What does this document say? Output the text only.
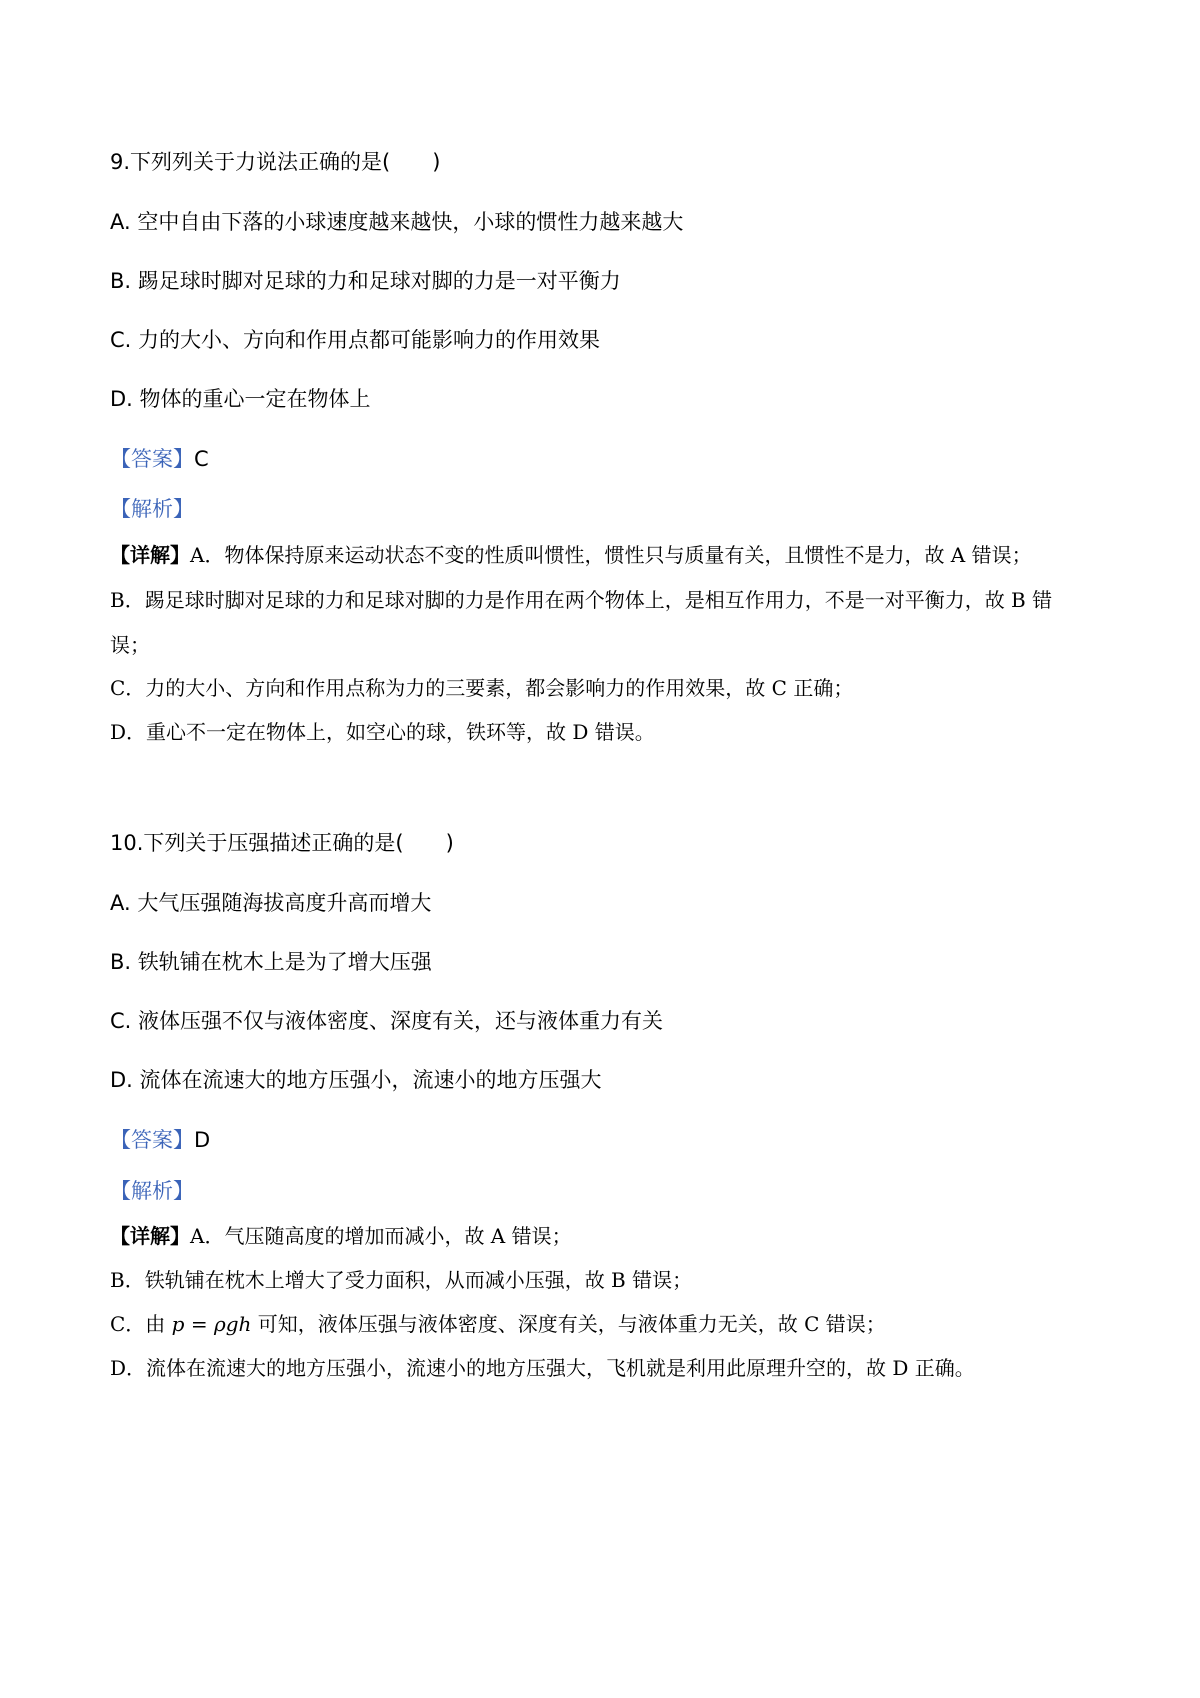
9.下列列关于力说法正确的是(　　)
A. 空中自由下落的小球速度越来越快，小球的惯性力越来越大
B. 踢足球时脚对足球的力和足球对脚的力是一对平衡力
C. 力的大小、方向和作用点都可能影响力的作用效果
D. 物体的重心一定在物体上
【答案】C
【解析】
【详解】A．物体保持原来运动状态不变的性质叫惯性，惯性只与质量有关，且惯性不是力，故 A 错误；
B．踢足球时脚对足球的力和足球对脚的力是作用在两个物体上，是相互作用力，不是一对平衡力，故 B 错
误；
C．力的大小、方向和作用点称为力的三要素，都会影响力的作用效果，故 C 正确；
D．重心不一定在物体上，如空心的球，铁环等，故 D 错误。
10.下列关于压强描述正确的是(　　)
A. 大气压强随海拔高度升高而增大
B. 铁轨铺在枕木上是为了增大压强
C. 液体压强不仅与液体密度、深度有关，还与液体重力有关
D. 流体在流速大的地方压强小，流速小的地方压强大
【答案】D
【解析】
【详解】A．气压随高度的增加而减小，故 A 错误；
B．铁轨铺在枕木上增大了受力面积，从而减小压强，故 B 错误；
C．由 p = ρgh 可知，液体压强与液体密度、深度有关，与液体重力无关，故 C 错误；
D．流体在流速大的地方压强小，流速小的地方压强大，飞机就是利用此原理升空的，故 D 正确。
